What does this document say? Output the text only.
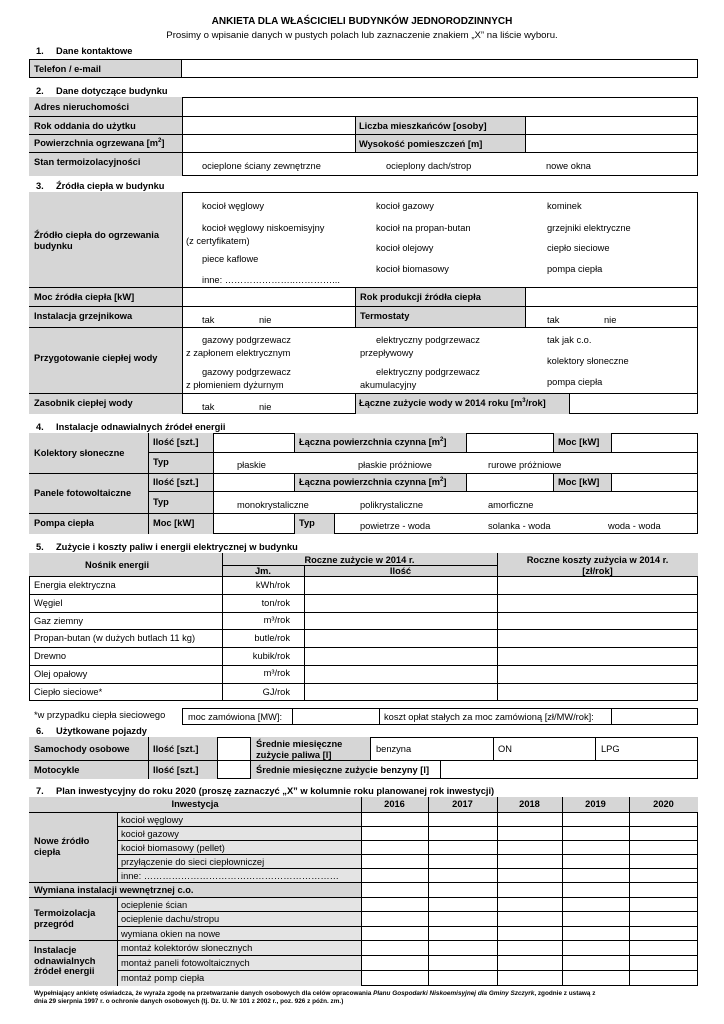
ANKIETA DLA WŁAŚCICIELI BUDYNKÓW JEDNORODZINNYCH
Prosimy o wpisanie danych w pustych polach lub zaznaczenie znakiem „X” na liście wyboru.
1. Dane kontaktowe
Telefon / e-mail
2. Dane dotyczące budynku
Adres nieruchomości
Rok oddania do użytku	Liczba mieszkańców [osoby]
Powierzchnia ogrzewana $[m^2]$	Wysokość pomieszczeń [m]
Stan termoizolacyjności	ocieplone ściany zewnętrzne	ocieplony dach/strop	nowe okna
3. Źródła ciepła w budynku
Źródło ciepła do ogrzewania
budynku
kocioł węglowy
kocioł węglowy niskoemisyjny
(z certyfikatem)
piece kaflowe
inne: …………………..…………...
kocioł gazowy
kocioł na propan-butan
kocioł olejowy
kocioł biomasowy
kominek
grzejniki elektryczne
ciepło sieciowe
pompa ciepła
Moc źródła ciepła [kW]	Rok produkcji źródła ciepła
Instalacja grzejnikowa	tak	nie	Termostaty	tak	nie
Przygotowanie ciepłej wody
gazowy podgrzewacz
z zapłonem elektrycznym
gazowy podgrzewacz
z płomieniem dyżurnym
elektryczny podgrzewacz
przepływowy
elektryczny podgrzewacz
akumulacyjny
tak jak c.o.
kolektory słoneczne
pompa ciepła
Zasobnik ciepłej wody	tak	nie	Łączne zużycie wody w 2014 roku $[m^3/rok]$
4. Instalacje odnawialnych źródeł energii
Kolektory słoneczne
Ilość [szt.]	Łączna powierzchnia czynna $[m^2]$	Moc [kW]
Typ	płaskie	płaskie próżniowe	rurowe próżniowe
Panele fotowoltaiczne
Ilość [szt.]	Łączna powierzchnia czynna $[m^2]$	Moc [kW]
Typ	monokrystaliczne	polikrystaliczne	amorficzne
Pompa ciepła	Moc [kW]	Typ	powietrze - woda	solanka - woda	woda - woda
5. Zużycie i koszty paliw i energii elektrycznej w budynku
Nośnik energii	Roczne zużycie w 2014 r.
Jm.	Ilość
Roczne koszty zużycia w 2014 r.
[zł/rok]
Energia elektryczna	kWh/rok
Węgiel	ton/rok
Gaz ziemny	m³/rok
Propan-butan (w dużych butlach 11 kg)	butle/rok
Drewno	kubik/rok
Olej opałowy	m³/rok
Ciepło sieciowe*	GJ/rok
*w przypadku ciepła sieciowego moc zamówiona [MW]:	koszt opłat stałych za moc zamówioną [zł/MW/rok]:
6. Użytkowane pojazdy
Samochody osobowe	Ilość [szt.]	Średnie miesięczne
zużycie paliwa [l]
benzyna	ON	LPG
Motocykle	Ilość [szt.]	Średnie miesięczne zużycie benzyny [l]
7. Plan inwestycyjny do roku 2020 (proszę zaznaczyć „X” w kolumnie roku planowanej rok inwestycji)
Inwestycja	2016	2017	2018	2019	2020
Nowe źródło
ciepła
kocioł węglowy
kocioł gazowy
kocioł biomasowy (pellet)
przyłączenie do sieci ciepłowniczej
inne: ………………………………………………………
Wymiana instalacji wewnętrznej c.o.
Termoizolacja
przegród
ocieplenie ścian
ocieplenie dachu/stropu
wymiana okien na nowe
Instalacje
odnawialnych
źródeł energii
montaż kolektorów słonecznych
montaż paneli fotowoltaicznych
montaż pomp ciepła
Wypełniający ankietę oświadcza, że wyraża zgodę na przetwarzanie danych osobowych dla celów opracowania Planu Gospodarki Niskoemisyjnej dla Gminy Szczyrk, zgodnie z ustawą z
dnia 29 sierpnia 1997 r. o ochronie danych osobowych (tj. Dz. U. Nr 101 z 2002 r., poz. 926 z późn. zm.)
